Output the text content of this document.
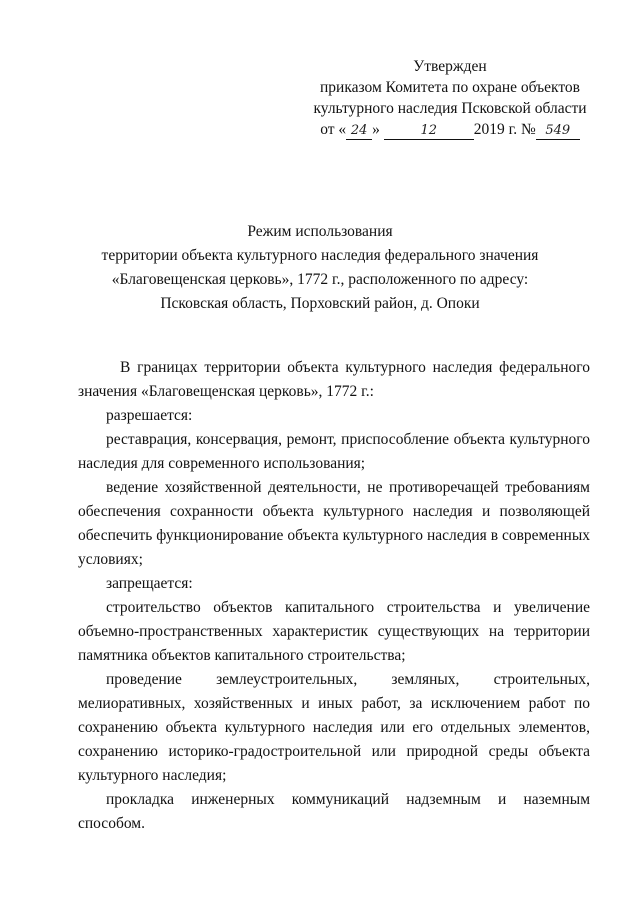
Утвержден
приказом Комитета по охране объектов
культурного наследия Псковской области
от « 24 »	12 2019 г. № 549
Режим использования
территории объекта культурного наследия федерального значения
«Благовещенская церковь», 1772 г., расположенного по адресу:
Псковская область, Порховский район, д. Опоки

В границах территории объекта культурного наследия федерального значения «Благовещенская церковь», 1772 г.:

разрешается:

реставрация, консервация, ремонт, приспособление объекта культурного наследия для современного использования;

ведение хозяйственной деятельности, не противоречащей требованиям обеспечения сохранности объекта культурного наследия и позволяющей обеспечить функционирование объекта культурного наследия в современных условиях;

запрещается:

строительство объектов капитального строительства и увеличение объемно-пространственных характеристик существующих на территории памятника объектов капитального строительства;

проведение землеустроительных, земляных, строительных, мелиоративных, хозяйственных и иных работ, за исключением работ по сохранению объекта культурного наследия или его отдельных элементов, сохранению историко-градостроительной или природной среды объекта культурного наследия;

прокладка инженерных коммуникаций надземным и наземным способом.
